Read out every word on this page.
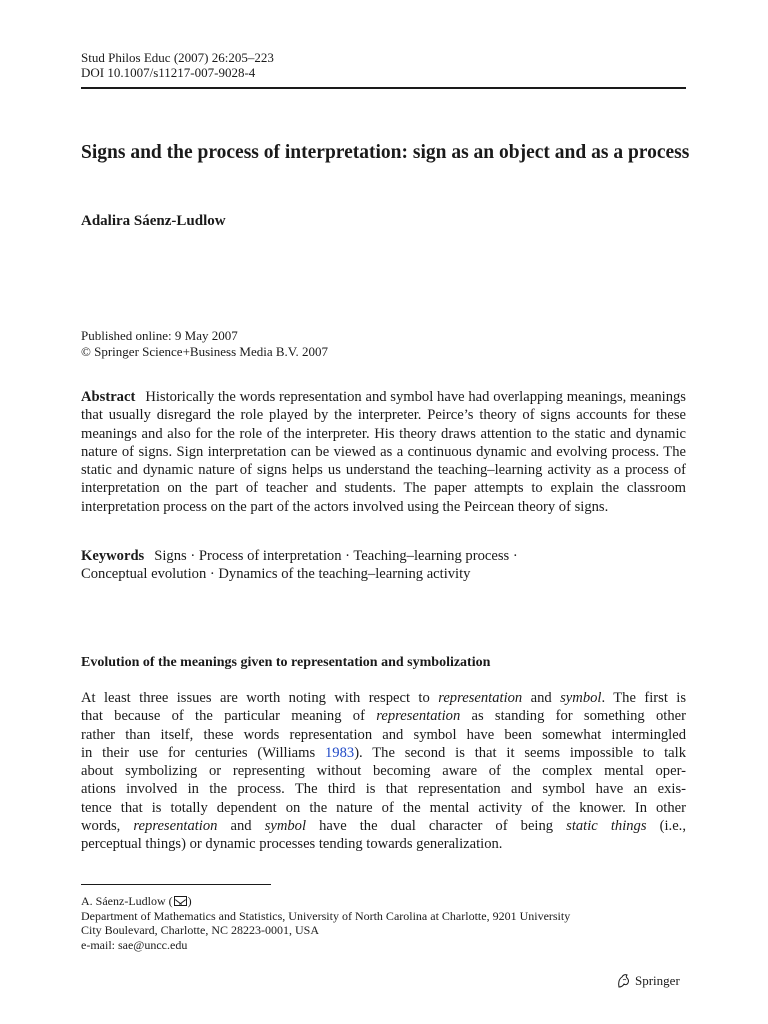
Stud Philos Educ (2007) 26:205–223
DOI 10.1007/s11217-007-9028-4
Signs and the process of interpretation: sign as an object and as a process

Adalira Sáenz-Ludlow

Published online: 9 May 2007
© Springer Science+Business Media B.V. 2007

Abstract Historically the words representation and symbol have had overlapping meanings, meanings that usually disregard the role played by the interpreter. Peirce’s theory of signs accounts for these meanings and also for the role of the interpreter. His theory draws attention to the static and dynamic nature of signs. Sign interpretation can be viewed as a continuous dynamic and evolving process. The static and dynamic nature of signs helps us understand the teaching–learning activity as a process of interpretation on the part of teacher and students. The paper attempts to explain the classroom interpretation process on the part of the actors involved using the Peircean theory of signs.

Keywords Signs · Process of interpretation · Teaching–learning process ·
Conceptual evolution · Dynamics of the teaching–learning activity
Evolution of the meanings given to representation and symbolization
At least three issues are worth noting with respect to representation and symbol. The first is
that because of the particular meaning of representation as standing for something other
rather than itself, these words representation and symbol have been somewhat intermingled
in their use for centuries (Williams 1983). The second is that it seems impossible to talk
about symbolizing or representing without becoming aware of the complex mental oper-
ations involved in the process. The third is that representation and symbol have an exis-
tence that is totally dependent on the nature of the mental activity of the knower. In other
words, representation and symbol have the dual character of being static things (i.e.,
perceptual things) or dynamic processes tending towards generalization.
A. Sáenz-Ludlow ( )
Department of Mathematics and Statistics, University of North Carolina at Charlotte, 9201 University
City Boulevard, Charlotte, NC 28223-0001, USA
e-mail: sae@uncc.edu
Springer
